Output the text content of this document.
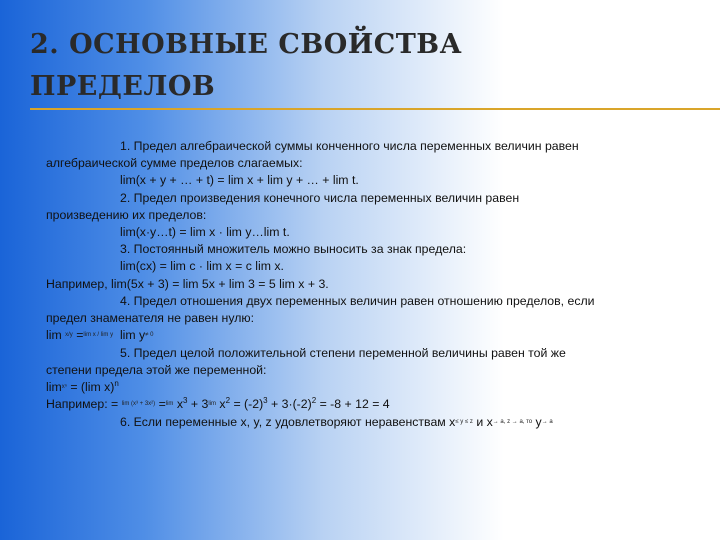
2. ОСНОВНЫЕ СВОЙСТВА
ПРЕДЕЛОВ

1. Предел алгебраической суммы конченного числа переменных величин равен

алгебраической сумме пределов слагаемых:

lim(x + y + … + t) = lim x + lim y + … + lim t.

2. Предел произведения конечного числа переменных величин равен

произведению их пределов:

lim(x·y…t) = lim x · lim y…lim t.

3. Постоянный множитель можно выносить за знак предела:

lim(cx) = lim c · lim x = c lim x.

Например, lim(5x + 3) = lim 5x + lim 3 = 5 lim x + 3.

4. Предел отношения двух переменных величин равен отношению пределов, если

предел знаменателя не равен нулю:

lim x/y =lim x / lim y lim y≠ 0

5. Предел целой положительной степени переменной величины равен той же

степени предела этой же переменной:

limxⁿ = (lim x)$^n$

Например: = lim (x³ + 3x²) =lim $x^3 + 3\lim$ $x^2 = (-2)^3 + 3\cdot(-2)^2 = -8 + 12 = 4$

6. Если переменные x, y, z удовлетворяют неравенствам x≤ y ≤ z и x→ a, z → a, то y→ a
